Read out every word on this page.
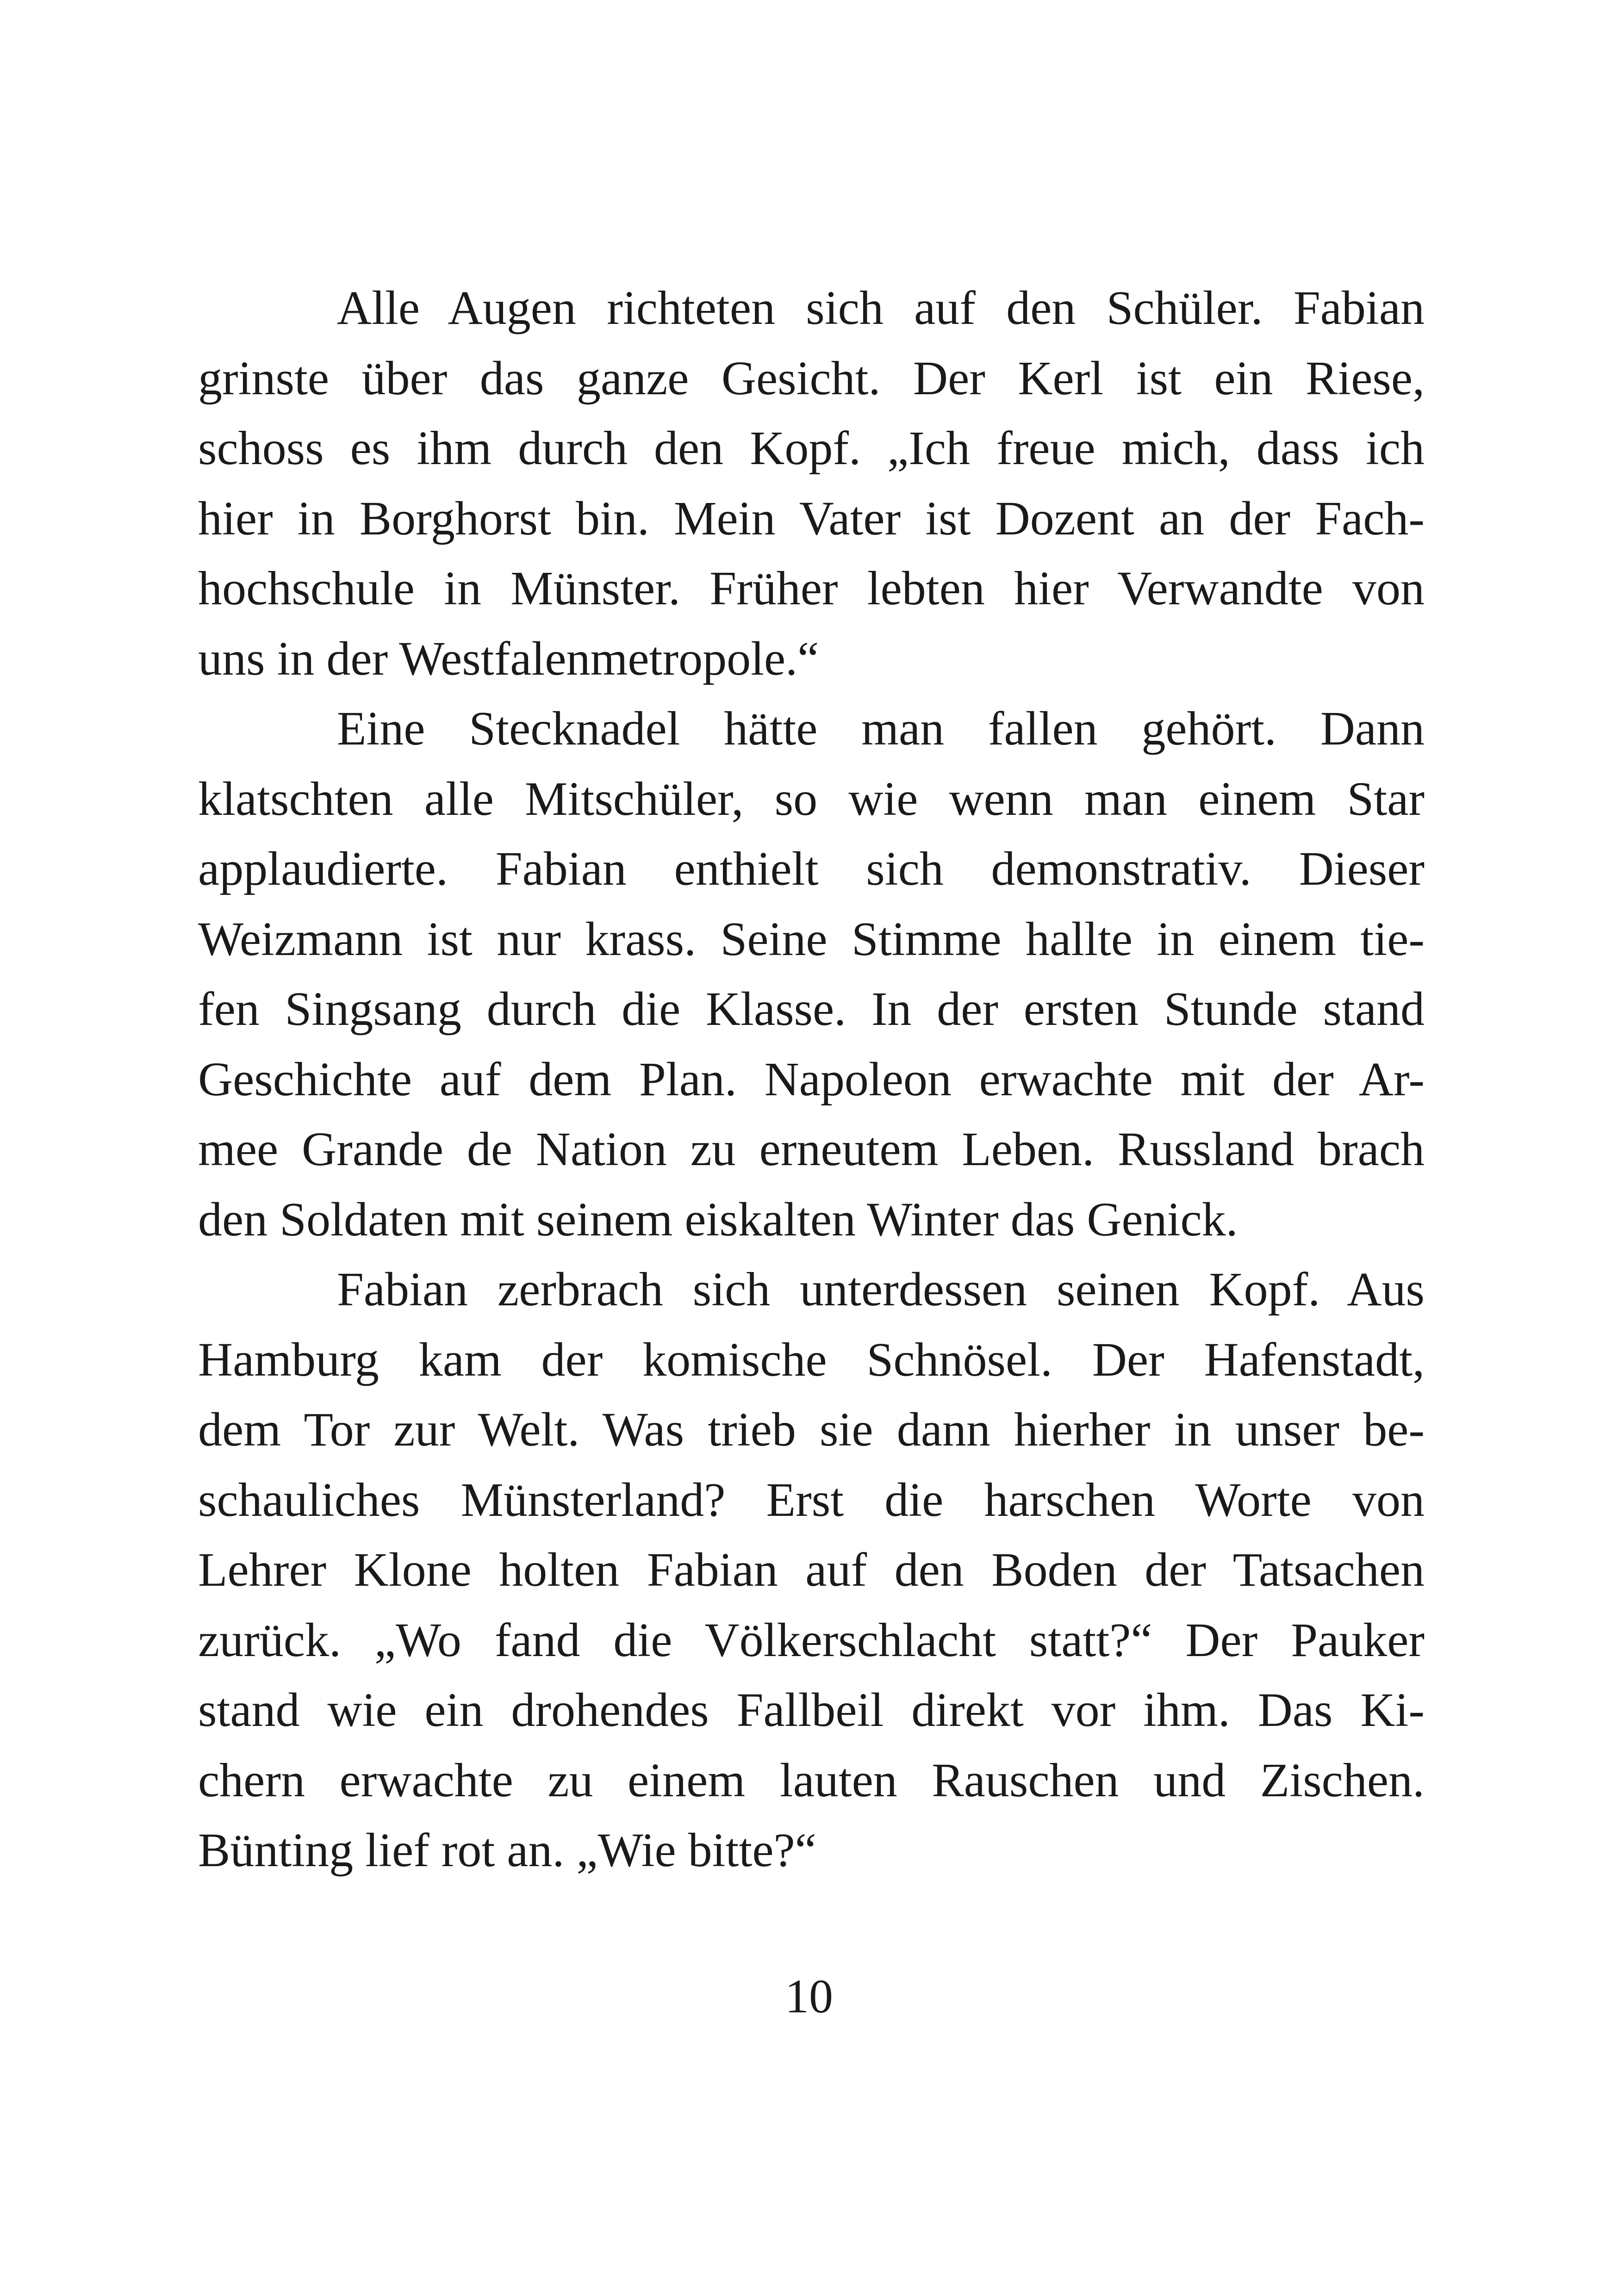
Alle Augen richteten sich auf den Schüler. Fabian
grinste über das ganze Gesicht. Der Kerl ist ein Riese,
schoss es ihm durch den Kopf. „Ich freue mich, dass ich
hier in Borghorst bin. Mein Vater ist Dozent an der Fach-
hochschule in Münster. Früher lebten hier Verwandte von
uns in der Westfalenmetropole.“
Eine Stecknadel hätte man fallen gehört. Dann
klatschten alle Mitschüler, so wie wenn man einem Star
applaudierte. Fabian enthielt sich demonstrativ. Dieser
Weizmann ist nur krass. Seine Stimme hallte in einem tie-
fen Singsang durch die Klasse. In der ersten Stunde stand
Geschichte auf dem Plan. Napoleon erwachte mit der Ar-
mee Grande de Nation zu erneutem Leben. Russland brach
den Soldaten mit seinem eiskalten Winter das Genick.
Fabian zerbrach sich unterdessen seinen Kopf. Aus
Hamburg kam der komische Schnösel. Der Hafenstadt,
dem Tor zur Welt. Was trieb sie dann hierher in unser be-
schauliches Münsterland? Erst die harschen Worte von
Lehrer Klone holten Fabian auf den Boden der Tatsachen
zurück. „Wo fand die Völkerschlacht statt?“ Der Pauker
stand wie ein drohendes Fallbeil direkt vor ihm. Das Ki-
chern erwachte zu einem lauten Rauschen und Zischen.
Bünting lief rot an. „Wie bitte?“
10
